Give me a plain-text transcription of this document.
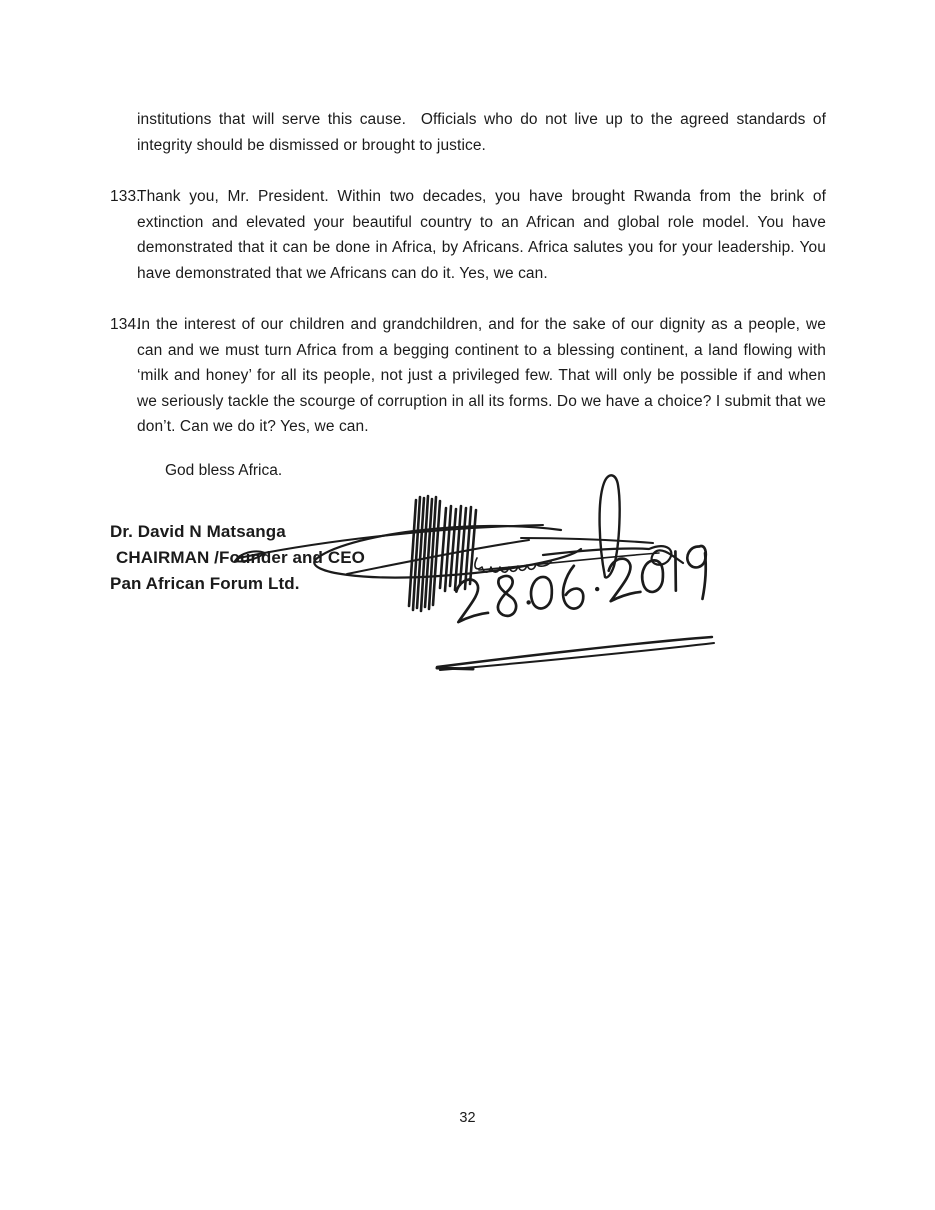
institutions that will serve this cause.  Officials who do not live up to the agreed standards of integrity should be dismissed or brought to justice.
133.
Thank you, Mr. President. Within two decades, you have brought Rwanda from the brink of extinction and elevated your beautiful country to an African and global role model. You have demonstrated that it can be done in Africa, by Africans. Africa salutes you for your leadership. You have demonstrated that we Africans can do it. Yes, we can.
134.
In the interest of our children and grandchildren, and for the sake of our dignity as a people, we can and we must turn Africa from a begging continent to a blessing continent, a land flowing with ‘milk and honey’ for all its people, not just a privileged few. That will only be possible if and when we seriously tackle the scourge of corruption in all its forms. Do we have a choice? I submit that we don’t. Can we do it? Yes, we can.
God bless Africa.
Dr. David N Matsanga
CHAIRMAN /Founder and CEO
Pan African Forum Ltd.
32
